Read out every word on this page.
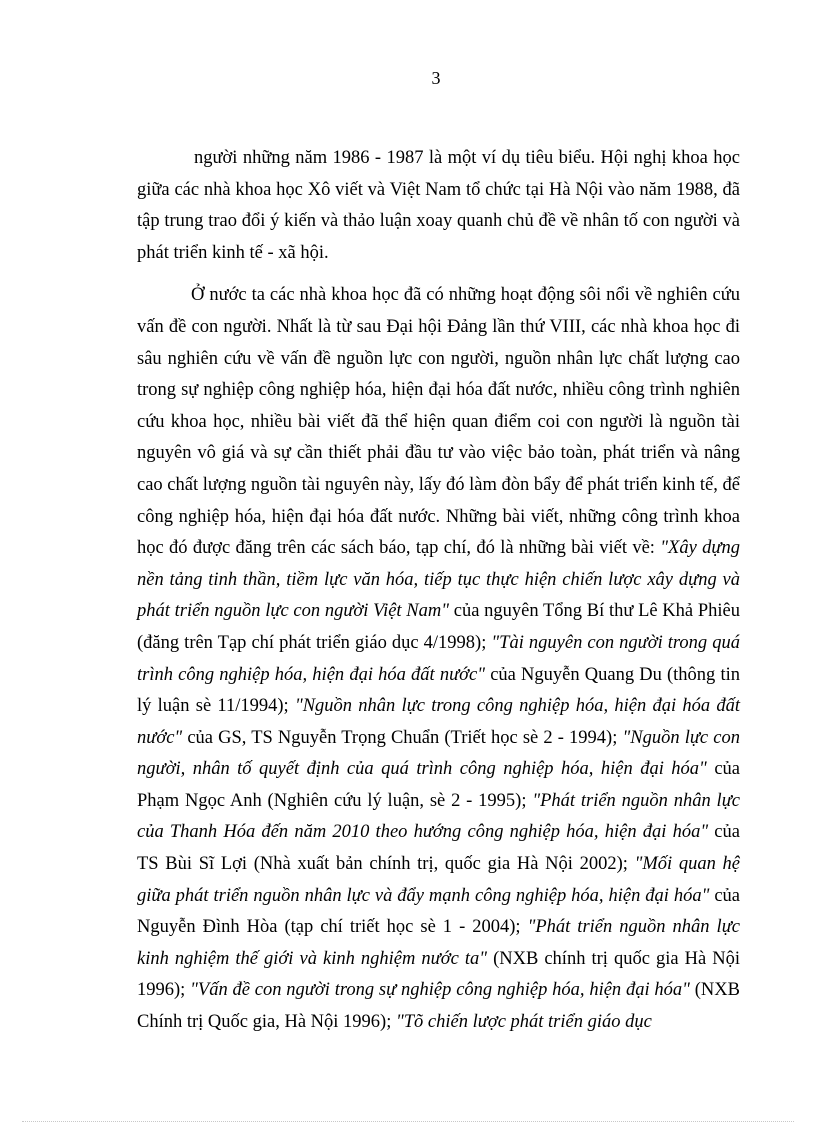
3

người những năm 1986 - 1987 là một ví dụ tiêu biểu. Hội nghị khoa học giữa các nhà khoa học Xô viết và Việt Nam tổ chức tại Hà Nội vào năm 1988, đã tập trung trao đổi ý kiến và thảo luận xoay quanh chủ đề về nhân tố con người và phát triển kinh tế - xã hội.

Ở nước ta các nhà khoa học đã có những hoạt động sôi nổi về nghiên cứu vấn đề con người. Nhất là từ sau Đại hội Đảng lần thứ VIII, các nhà khoa học đi sâu nghiên cứu về vấn đề nguồn lực con người, nguồn nhân lực chất lượng cao trong sự nghiệp công nghiệp hóa, hiện đại hóa đất nước, nhiều công trình nghiên cứu khoa học, nhiều bài viết đã thể hiện quan điểm coi con người là nguồn tài nguyên vô giá và sự cần thiết phải đầu tư vào việc bảo toàn, phát triển và nâng cao chất lượng nguồn tài nguyên này, lấy đó làm đòn bẩy để phát triển kinh tế, để công nghiệp hóa, hiện đại hóa đất nước. Những bài viết, những công trình khoa học đó được đăng trên các sách báo, tạp chí, đó là những bài viết về: "Xây dựng nền tảng tinh thần, tiềm lực văn hóa, tiếp tục thực hiện chiến lược xây dựng và phát triển nguồn lực con người Việt Nam" của nguyên Tổng Bí thư Lê Khả Phiêu (đăng trên Tạp chí phát triển giáo dục 4/1998); "Tài nguyên con người trong quá trình công nghiệp hóa, hiện đại hóa đất nước" của Nguyễn Quang Du (thông tin lý luận sè 11/1994); "Nguồn nhân lực trong công nghiệp hóa, hiện đại hóa đất nước" của GS, TS Nguyễn Trọng Chuẩn (Triết học sè 2 - 1994); "Nguồn lực con người, nhân tố quyết định của quá trình công nghiệp hóa, hiện đại hóa" của Phạm Ngọc Anh (Nghiên cứu lý luận, sè 2 - 1995); "Phát triển nguồn nhân lực của Thanh Hóa đến năm 2010 theo hướng công nghiệp hóa, hiện đại hóa" của TS Bùi Sĩ Lợi (Nhà xuất bản chính trị, quốc gia Hà Nội 2002); "Mối quan hệ giữa phát triển nguồn nhân lực và đẩy mạnh công nghiệp hóa, hiện đại hóa" của Nguyễn Đình Hòa (tạp chí triết học sè 1 - 2004); "Phát triển nguồn nhân lực kinh nghiệm thế giới và kinh nghiệm nước ta" (NXB chính trị quốc gia Hà Nội 1996); "Vấn đề con người trong sự nghiệp công nghiệp hóa, hiện đại hóa" (NXB Chính trị Quốc gia, Hà Nội 1996); "Tõ chiến lược phát triển giáo dục
